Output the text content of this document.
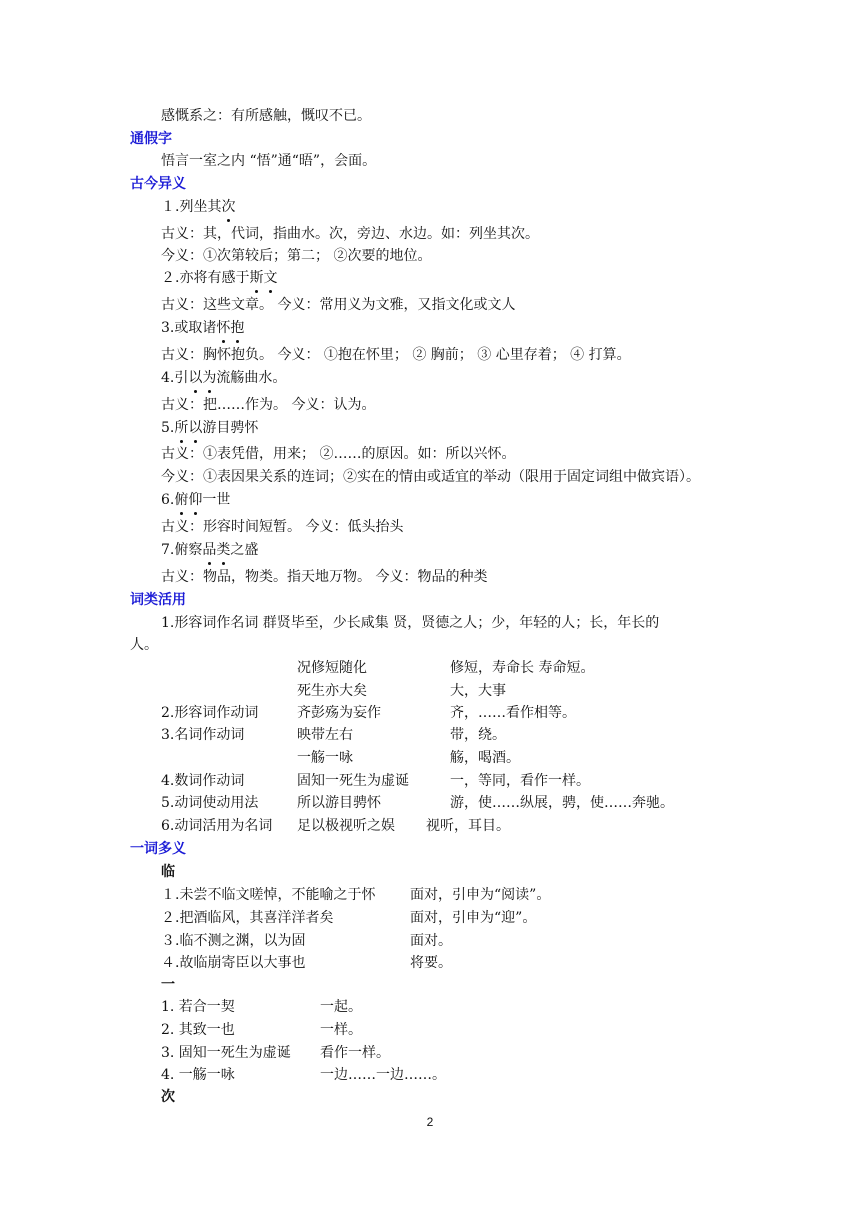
感慨系之：有所感触，慨叹不已。
通假字
悟言一室之内 “悟”通“晤”，会面。
古今异义
１.列坐其次
古义：其，代词，指曲水。次，旁边、水边。如：列坐其次。
今义：①次第较后；第二； ②次要的地位。
２.亦将有感于斯文
古义：这些文章。 今义：常用义为文雅，又指文化或文人
3.或取诸怀抱
古义：胸怀抱负。 今义： ①抱在怀里； ② 胸前； ③ 心里存着； ④ 打算。
4.引以为流觞曲水。
古义：把……作为。 今义：认为。
5.所以游目骋怀
古义：①表凭借，用来； ②……的原因。如：所以兴怀。
今义：①表因果关系的连词；②实在的情由或适宜的举动（限用于固定词组中做宾语）。
6.俯仰一世
古义：形容时间短暂。 今义：低头抬头
7.俯察品类之盛
古义：物品，物类。指天地万物。 今义：物品的种类
词类活用
1.形容词作名词 群贤毕至，少长咸集 贤，贤德之人；少，年轻的人；长，年长的
人。
况修短随化	修短，寿命长 寿命短。
死生亦大矣	大，大事
2.形容词作动词	齐彭殇为妄作	齐，……看作相等。
3.名词作动词	映带左右	带，绕。
一觞一咏	觞，喝酒。
4.数词作动词	固知一死生为虚诞	一，等同，看作一样。
5.动词使动用法	所以游目骋怀	游，使……纵展，骋，使……奔驰。
6.动词活用为名词 足以极视听之娱 视听，耳目。
一词多义
临
１.未尝不临文嗟悼，不能喻之于怀 面对，引申为“阅读”。
２.把酒临风，其喜洋洋者矣	面对，引申为“迎”。
３.临不测之渊，以为固	面对。
４.故临崩寄臣以大事也	将要。
一
1. 若合一契	一起。
2. 其致一也	一样。
3. 固知一死生为虚诞 看作一样。
4. 一觞一咏	一边……一边……。
次
2
